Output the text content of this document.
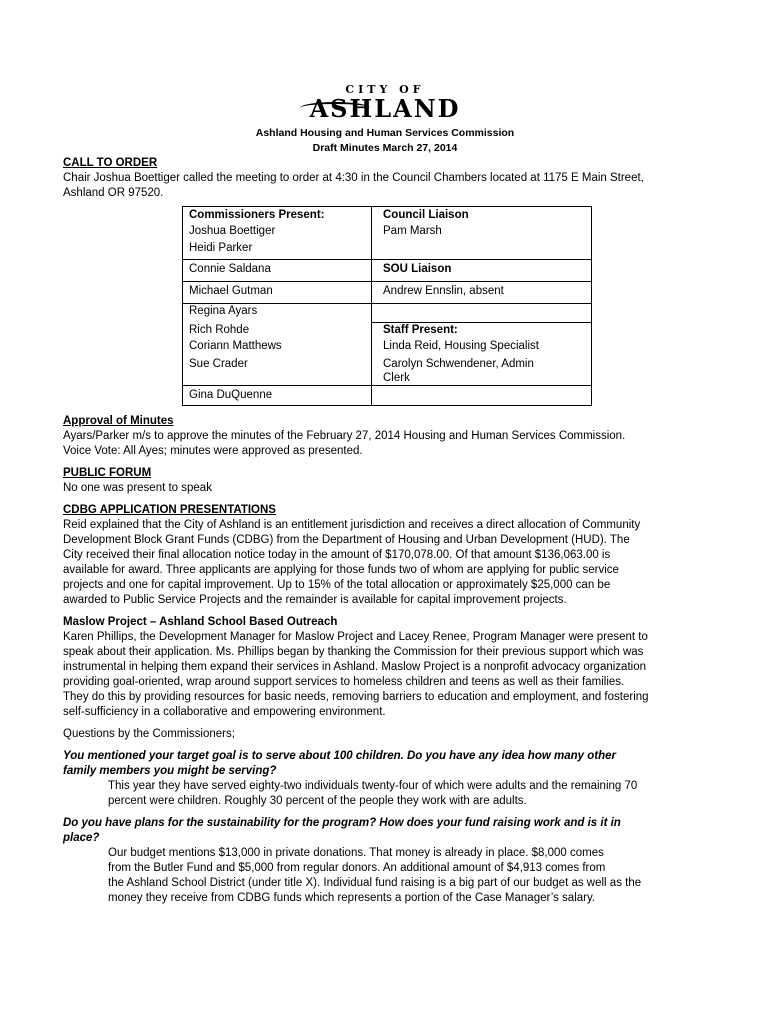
CITY OF
ASHLAND
Ashland Housing and Human Services Commission
Draft Minutes March 27, 2014
CALL TO ORDER
Chair Joshua Boettiger called the meeting to order at 4:30 in the Council Chambers located at 1175 E Main Street,
Ashland OR 97520.
Commissioners Present:
Joshua Boettiger
Heidi Parker
Connie Saldana
Michael Gutman
Regina Ayars
Rich Rohde
Coriann Matthews
Sue Crader
Gina DuQuenne
Council Liaison
Pam Marsh
SOU Liaison
Andrew Ennslin, absent
Staff Present:
Linda Reid, Housing Specialist
Carolyn Schwendener, Admin
Clerk
Approval of Minutes
Ayars/Parker m/s to approve the minutes of the February 27, 2014 Housing and Human Services Commission.
Voice Vote: All Ayes; minutes were approved as presented.
PUBLIC FORUM
No one was present to speak
CDBG APPLICATION PRESENTATIONS
Reid explained that the City of Ashland is an entitlement jurisdiction and receives a direct allocation of Community
Development Block Grant Funds (CDBG) from the Department of Housing and Urban Development (HUD). The
City received their final allocation notice today in the amount of $170,078.00. Of that amount $136,063.00 is
available for award. Three applicants are applying for those funds two of whom are applying for public service
projects and one for capital improvement. Up to 15% of the total allocation or approximately $25,000 can be
awarded to Public Service Projects and the remainder is available for capital improvement projects.
Maslow Project – Ashland School Based Outreach
Karen Phillips, the Development Manager for Maslow Project and Lacey Renee, Program Manager were present to
speak about their application. Ms. Phillips began by thanking the Commission for their previous support which was
instrumental in helping them expand their services in Ashland. Maslow Project is a nonprofit advocacy organization
providing goal-oriented, wrap around support services to homeless children and teens as well as their families.
They do this by providing resources for basic needs, removing barriers to education and employment, and fostering
self-sufficiency in a collaborative and empowering environment.
Questions by the Commissioners;
You mentioned your target goal is to serve about 100 children. Do you have any idea how many other
family members you might be serving?
This year they have served eighty-two individuals twenty-four of which were adults and the remaining 70
percent were children. Roughly 30 percent of the people they work with are adults.
Do you have plans for the sustainability for the program? How does your fund raising work and is it in
place?
Our budget mentions $13,000 in private donations. That money is already in place. $8,000 comes
from the Butler Fund and $5,000 from regular donors. An additional amount of $4,913 comes from
the Ashland School District (under title X). Individual fund raising is a big part of our budget as well as the
money they receive from CDBG funds which represents a portion of the Case Manager’s salary.
